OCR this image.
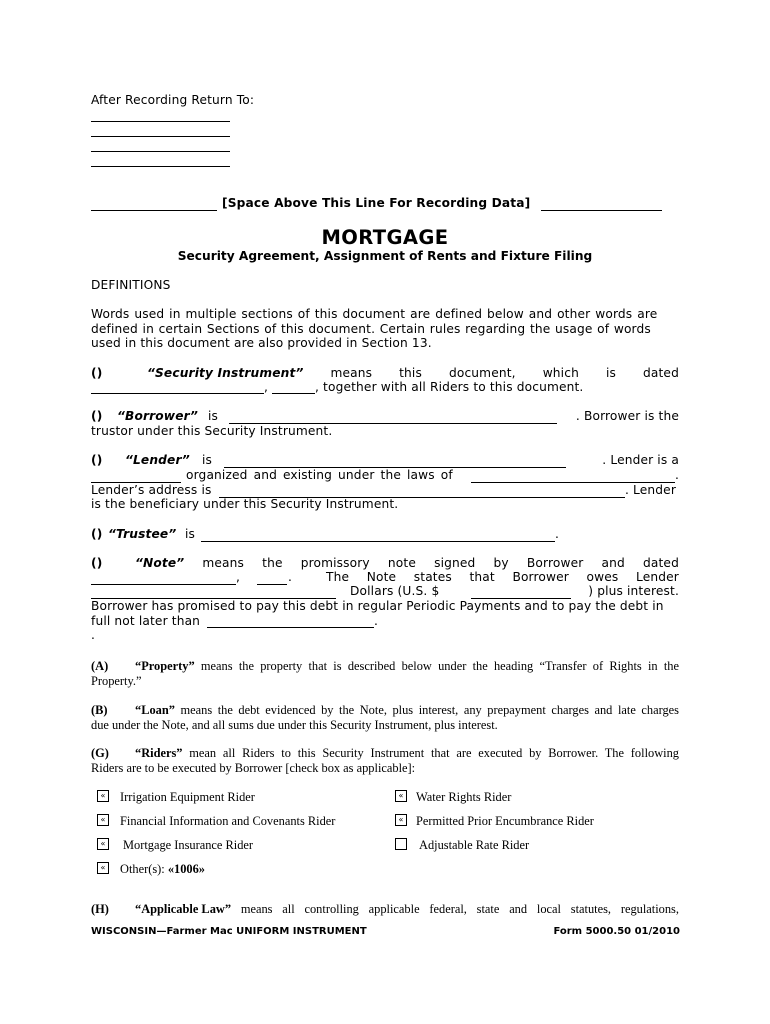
After Recording Return To:
[Space Above This Line For Recording Data]
MORTGAGE
Security Agreement, Assignment of Rents and Fixture Filing
DEFINITIONS
Words used in multiple sections of this document are defined below and other words are
defined in certain Sections of this document. Certain rules regarding the usage of words
used in this document are also provided in Section 13.
()	“Security Instrument” means this document, which is dated
,	, together with all Riders to this document.
() “Borrower” is	. Borrower is the
trustor under this Security Instrument.
() “Lender” is	. Lender is a
organized and existing under the laws of	.
Lender’s address is	. Lender
is the beneficiary under this Security Instrument.
() “Trustee” is	.
()	“Note” means the promissory note signed by Borrower and dated
,	.	The Note states that Borrower owes Lender
Dollars (U.S. $	) plus interest.
Borrower has promised to pay this debt in regular Periodic Payments and to pay the debt in
full not later than	.
.
(A) “Property” means the property that is described below under the heading “Transfer of Rights in the
Property.”
(B) “Loan” means the debt evidenced by the Note, plus interest, any prepayment charges and late charges
due under the Note, and all sums due under this Security Instrument, plus interest.
(G) “Riders” mean all Riders to this Security Instrument that are executed by Borrower. The following
Riders are to be executed by Borrower [check box as applicable]:
« Irrigation Equipment Rider	« Water Rights Rider
« Financial Information and Covenants Rider	« Permitted Prior Encumbrance Rider
« Mortgage Insurance Rider	Adjustable Rate Rider
« Other(s): «1006»
(H) “Applicable Law” means all controlling applicable federal, state and local statutes, regulations,
WISCONSIN—Farmer Mac UNIFORM INSTRUMENT	Form 5000.50 01/2010
